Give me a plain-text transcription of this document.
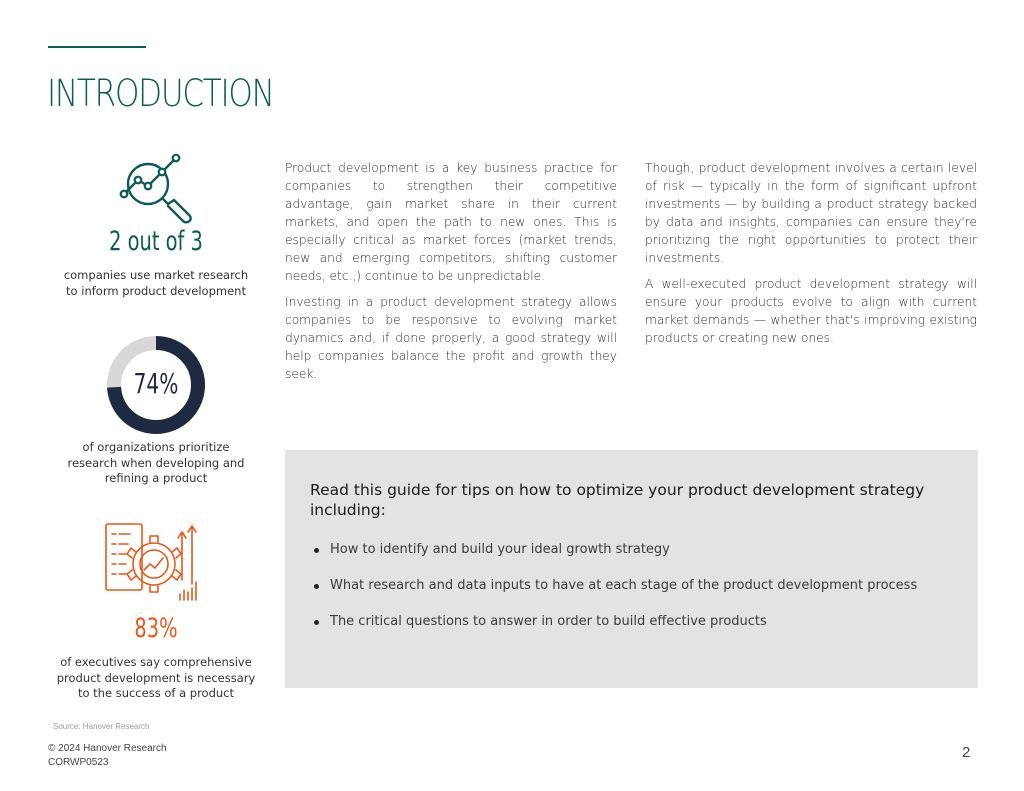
INTRODUCTION
2 out of 3
companies use market research to inform product development
74%
of organizations prioritize research when developing and refining a product
83%
of executives say comprehensive product development is necessary to the success of a product

Product development is a key business practice for companies to strengthen their competitive advantage, gain market share in their current markets, and open the path to new ones. This is especially critical as market forces (market trends, new and emerging competitors, shifting customer needs, etc.,) continue to be unpredictable.

Investing in a product development strategy allows companies to be responsive to evolving market dynamics and, if done properly, a good strategy will help companies balance the profit and growth they seek.

Though, product development involves a certain level of risk — typically in the form of significant upfront investments — by building a product strategy backed by data and insights, companies can ensure they're prioritizing the right opportunities to protect their investments.

A well-executed product development strategy will ensure your products evolve to align with current market demands — whether that's improving existing products or creating new ones.

Read this guide for tips on how to optimize your product development strategy including:
How to identify and build your ideal growth strategy
What research and data inputs to have at each stage of the product development process
The critical questions to answer in order to build effective products
Source: Hanover Research
© 2024 Hanover Research
CORWP0523
2
